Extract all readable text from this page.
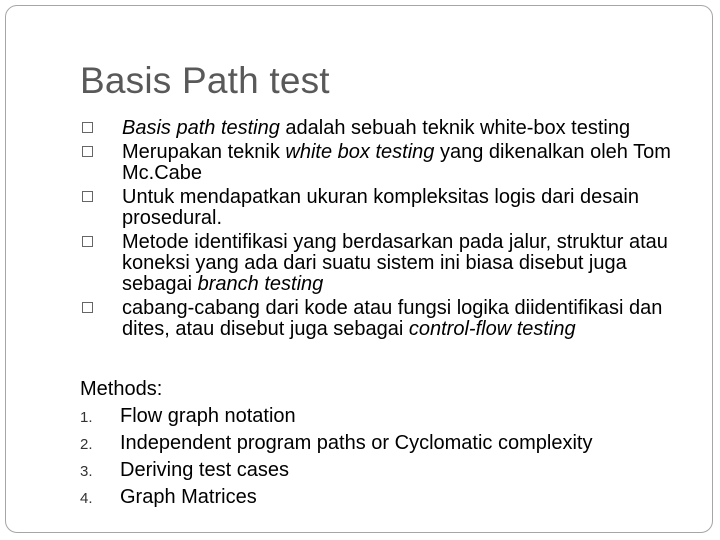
Basis Path test
Basis path testing adalah sebuah teknik white-box testing
Merupakan teknik white box testing yang dikenalkan oleh Tom Mc.Cabe
Untuk mendapatkan ukuran kompleksitas logis dari desain prosedural.
Metode identifikasi yang berdasarkan pada jalur, struktur atau koneksi yang ada dari suatu sistem ini biasa disebut juga sebagai branch testing
cabang-cabang dari kode atau fungsi logika diidentifikasi dan dites, atau disebut juga sebagai control-flow testing
Methods:
1. Flow graph notation
2. Independent program paths or Cyclomatic complexity
3. Deriving test cases
4. Graph Matrices
